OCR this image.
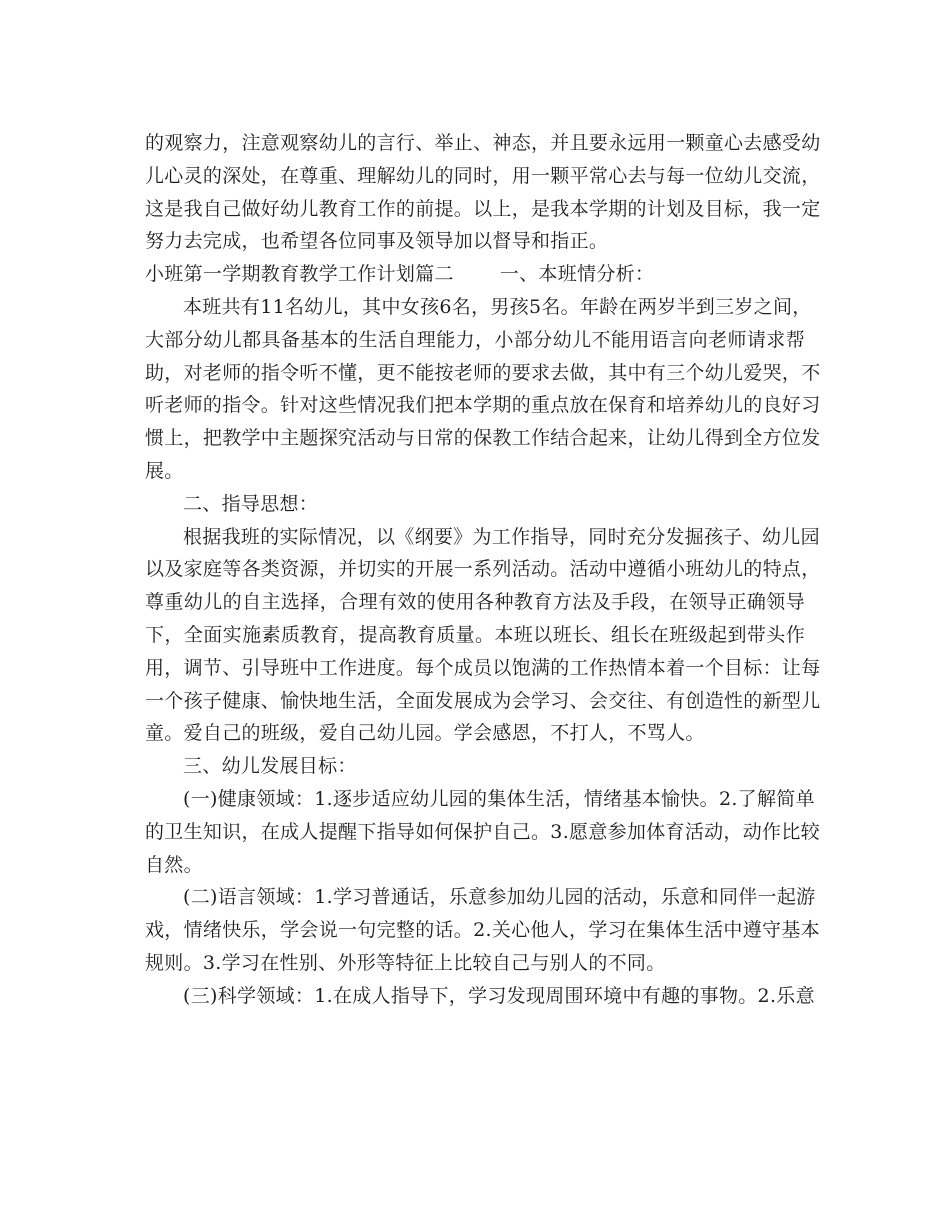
的观察力，注意观察幼儿的言行、举止、神态，并且要永远用一颗童心去感受幼
儿心灵的深处，在尊重、理解幼儿的同时，用一颗平常心去与每一位幼儿交流，
这是我自己做好幼儿教育工作的前提。以上，是我本学期的计划及目标，我一定
努力去完成，也希望各位同事及领导加以督导和指正。
小班第一学期教育教学工作计划篇二 一、本班情分析：
本班共有11名幼儿，其中女孩6名，男孩5名。年龄在两岁半到三岁之间，
大部分幼儿都具备基本的生活自理能力，小部分幼儿不能用语言向老师请求帮
助，对老师的指令听不懂，更不能按老师的要求去做，其中有三个幼儿爱哭，不
听老师的指令。针对这些情况我们把本学期的重点放在保育和培养幼儿的良好习
惯上，把教学中主题探究活动与日常的保教工作结合起来，让幼儿得到全方位发
展。
二、指导思想：
根据我班的实际情况，以《纲要》为工作指导，同时充分发掘孩子、幼儿园
以及家庭等各类资源，并切实的开展一系列活动。活动中遵循小班幼儿的特点，
尊重幼儿的自主选择，合理有效的使用各种教育方法及手段，在领导正确领导
下，全面实施素质教育，提高教育质量。本班以班长、组长在班级起到带头作
用，调节、引导班中工作进度。每个成员以饱满的工作热情本着一个目标：让每
一个孩子健康、愉快地生活，全面发展成为会学习、会交往、有创造性的新型儿
童。爱自己的班级，爱自己幼儿园。学会感恩，不打人，不骂人。
三、幼儿发展目标：
(一)健康领域：1.逐步适应幼儿园的集体生活，情绪基本愉快。2.了解简单
的卫生知识，在成人提醒下指导如何保护自己。3.愿意参加体育活动，动作比较
自然。
(二)语言领域：1.学习普通话，乐意参加幼儿园的活动，乐意和同伴一起游
戏，情绪快乐，学会说一句完整的话。2.关心他人，学习在集体生活中遵守基本
规则。3.学习在性别、外形等特征上比较自己与别人的不同。
(三)科学领域：1.在成人指导下，学习发现周围环境中有趣的事物。2.乐意
